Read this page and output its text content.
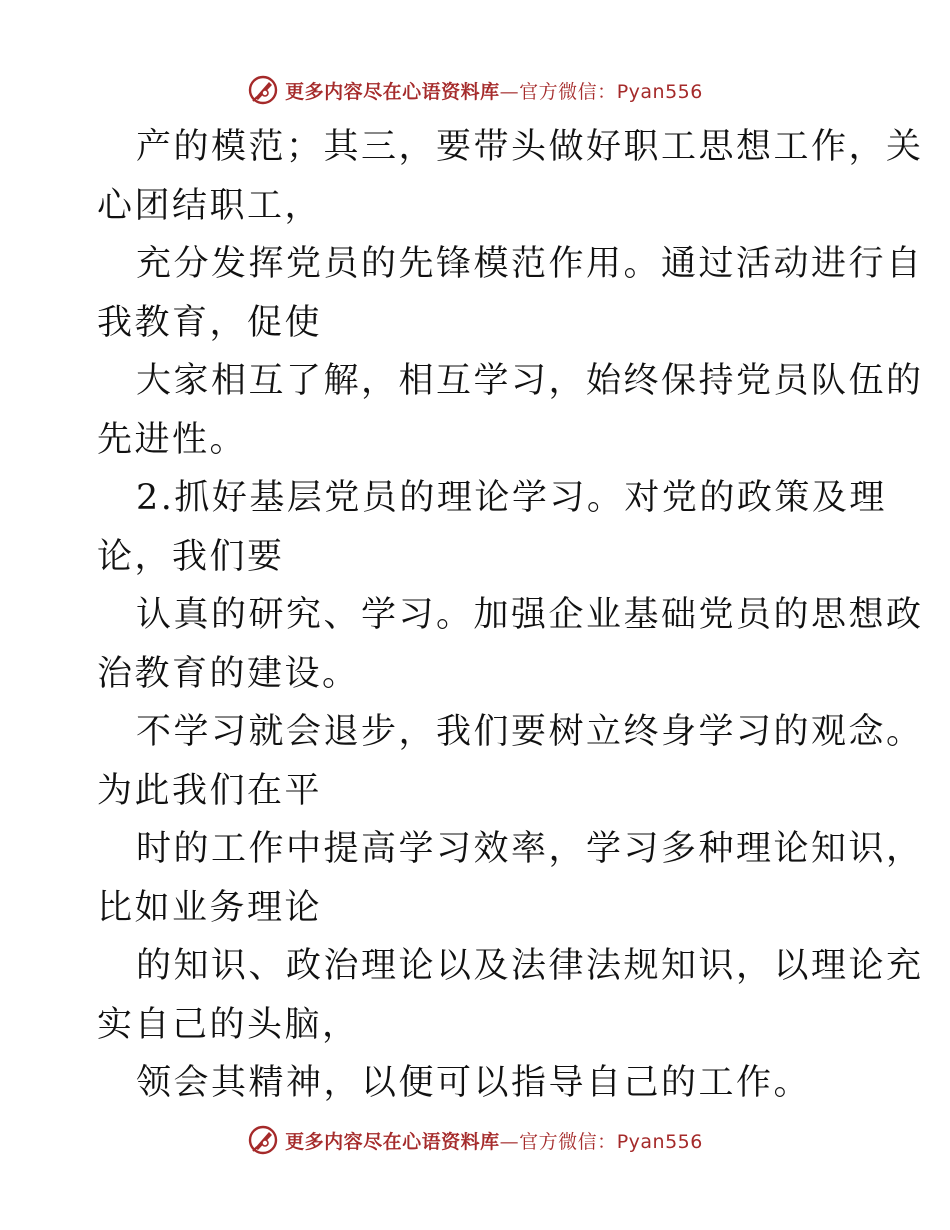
更多内容尽在心语资料库—官方微信：Pyan556
产的模范；其三，要带头做好职工思想工作，关
心团结职工，
充分发挥党员的先锋模范作用。通过活动进行自
我教育，促使
大家相互了解，相互学习，始终保持党员队伍的
先进性。
2.抓好基层党员的理论学习。对党的政策及理
论，我们要
认真的研究、学习。加强企业基础党员的思想政
治教育的建设。
不学习就会退步，我们要树立终身学习的观念。
为此我们在平
时的工作中提高学习效率，学习多种理论知识，
比如业务理论
的知识、政治理论以及法律法规知识，以理论充
实自己的头脑，
领会其精神，以便可以指导自己的工作。
更多内容尽在心语资料库—官方微信：Pyan556
